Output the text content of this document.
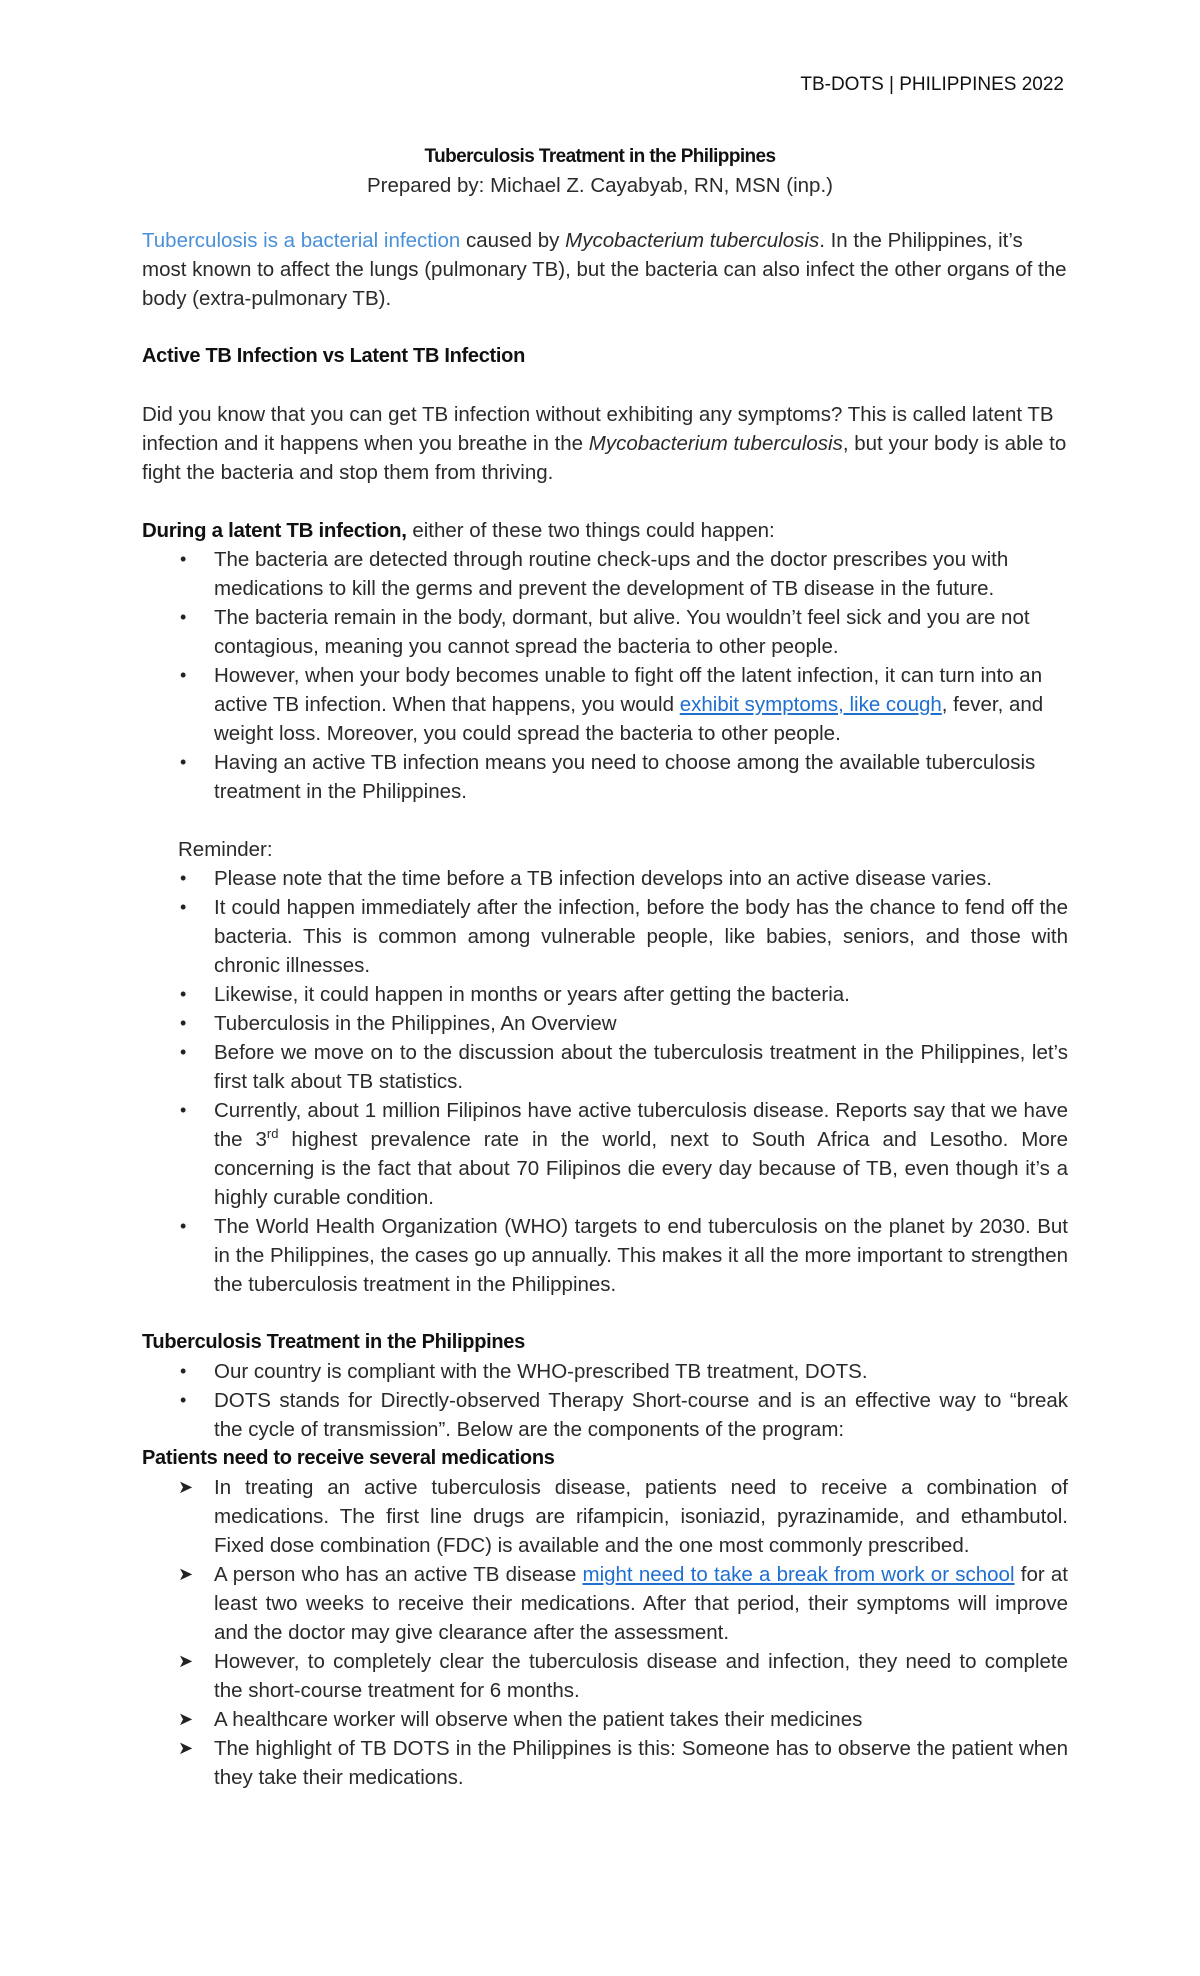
TB-DOTS | PHILIPPINES 2022
Tuberculosis Treatment in the Philippines
Prepared by: Michael Z. Cayabyab, RN, MSN (inp.)

Tuberculosis is a bacterial infection caused by Mycobacterium tuberculosis. In the Philippines, it’s most known to affect the lungs (pulmonary TB), but the bacteria can also infect the other organs of the body (extra-pulmonary TB).

Active TB Infection vs Latent TB Infection

Did you know that you can get TB infection without exhibiting any symptoms? This is called latent TB infection and it happens when you breathe in the Mycobacterium tuberculosis, but your body is able to fight the bacteria and stop them from thriving.

During a latent TB infection, either of these two things could happen:

• The bacteria are detected through routine check-ups and the doctor prescribes you with medications to kill the germs and prevent the development of TB disease in the future.
• The bacteria remain in the body, dormant, but alive. You wouldn’t feel sick and you are not contagious, meaning you cannot spread the bacteria to other people.
• However, when your body becomes unable to fight off the latent infection, it can turn into an active TB infection. When that happens, you would exhibit symptoms, like cough, fever, and weight loss. Moreover, you could spread the bacteria to other people.
• Having an active TB infection means you need to choose among the available tuberculosis treatment in the Philippines.

Reminder:

• Please note that the time before a TB infection develops into an active disease varies.
• It could happen immediately after the infection, before the body has the chance to fend off the bacteria. This is common among vulnerable people, like babies, seniors, and those with chronic illnesses.
• Likewise, it could happen in months or years after getting the bacteria.
• Tuberculosis in the Philippines, An Overview
• Before we move on to the discussion about the tuberculosis treatment in the Philippines, let’s first talk about TB statistics.
• Currently, about 1 million Filipinos have active tuberculosis disease. Reports say that we have the 3rd highest prevalence rate in the world, next to South Africa and Lesotho. More concerning is the fact that about 70 Filipinos die every day because of TB, even though it’s a highly curable condition.
• The World Health Organization (WHO) targets to end tuberculosis on the planet by 2030. But in the Philippines, the cases go up annually. This makes it all the more important to strengthen the tuberculosis treatment in the Philippines.

Tuberculosis Treatment in the Philippines

• Our country is compliant with the WHO-prescribed TB treatment, DOTS.
• DOTS stands for Directly-observed Therapy Short-course and is an effective way to “break the cycle of transmission”. Below are the components of the program:

Patients need to receive several medications

➤ In treating an active tuberculosis disease, patients need to receive a combination of medications. The first line drugs are rifampicin, isoniazid, pyrazinamide, and ethambutol. Fixed dose combination (FDC) is available and the one most commonly prescribed.
➤ A person who has an active TB disease might need to take a break from work or school for at least two weeks to receive their medications. After that period, their symptoms will improve and the doctor may give clearance after the assessment.
➤ However, to completely clear the tuberculosis disease and infection, they need to complete the short-course treatment for 6 months.
➤ A healthcare worker will observe when the patient takes their medicines
➤ The highlight of TB DOTS in the Philippines is this: Someone has to observe the patient when they take their medications.
